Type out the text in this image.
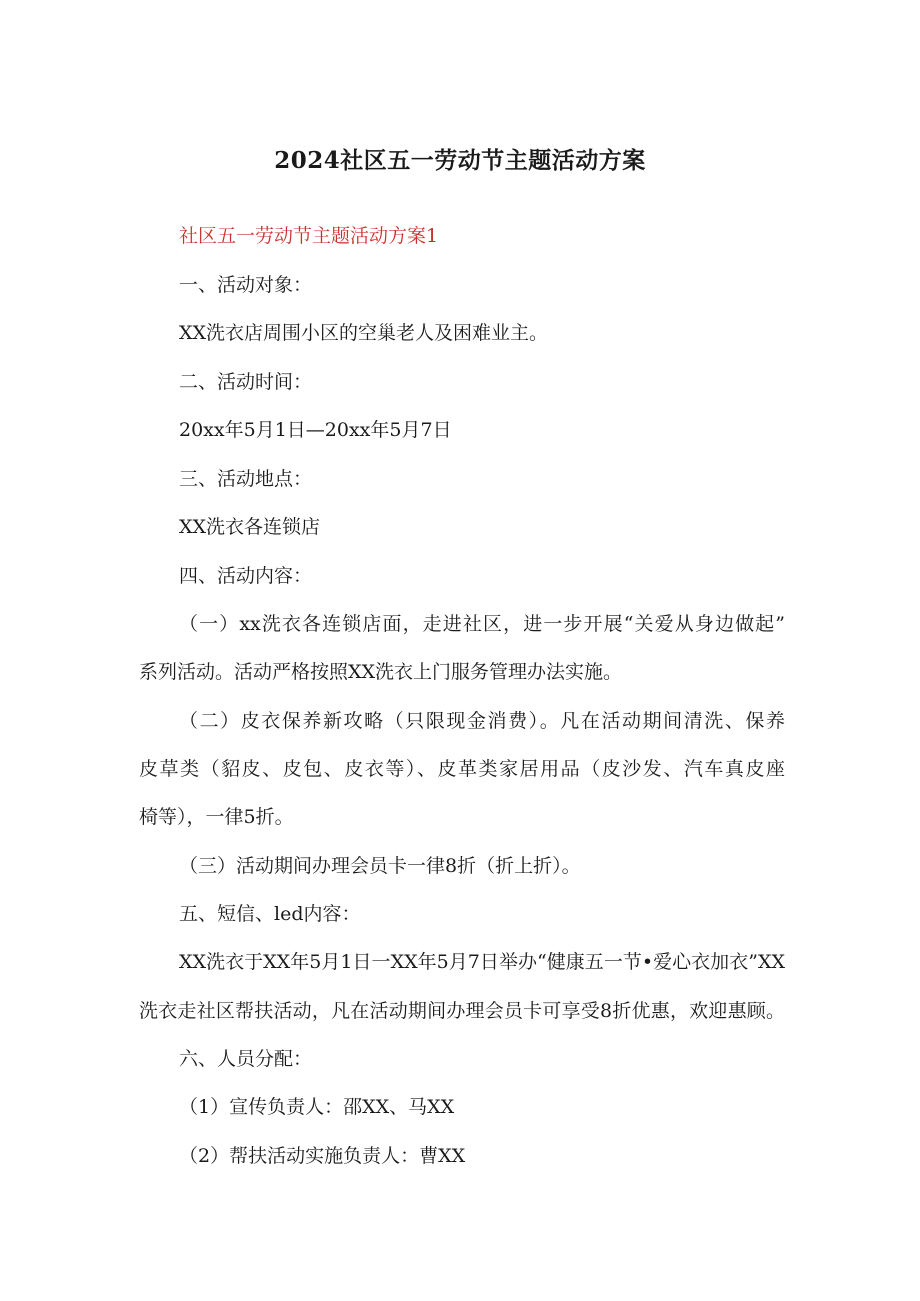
2024社区五一劳动节主题活动方案
社区五一劳动节主题活动方案1
一、活动对象：
XX洗衣店周围小区的空巢老人及困难业主。
二、活动时间：
20xx年5月1日—20xx年5月7日
三、活动地点：
XX洗衣各连锁店
四、活动内容：
（一）xx洗衣各连锁店面，走进社区，进一步开展“关爱从身边做起”
系列活动。活动严格按照XX洗衣上门服务管理办法实施。
（二）皮衣保养新攻略（只限现金消费）。凡在活动期间清洗、保养
皮草类（貂皮、皮包、皮衣等）、皮革类家居用品（皮沙发、汽车真皮座
椅等），一律5折。
（三）活动期间办理会员卡一律8折（折上折）。
五、短信、led内容：
XX洗衣于XX年5月1日一XX年5月7日举办“健康五一节•爱心衣加衣”XX
洗衣走社区帮扶活动，凡在活动期间办理会员卡可享受8折优惠，欢迎惠顾。
六、人员分配：
（1）宣传负责人：邵XX、马XX
（2）帮扶活动实施负责人：曹XX
